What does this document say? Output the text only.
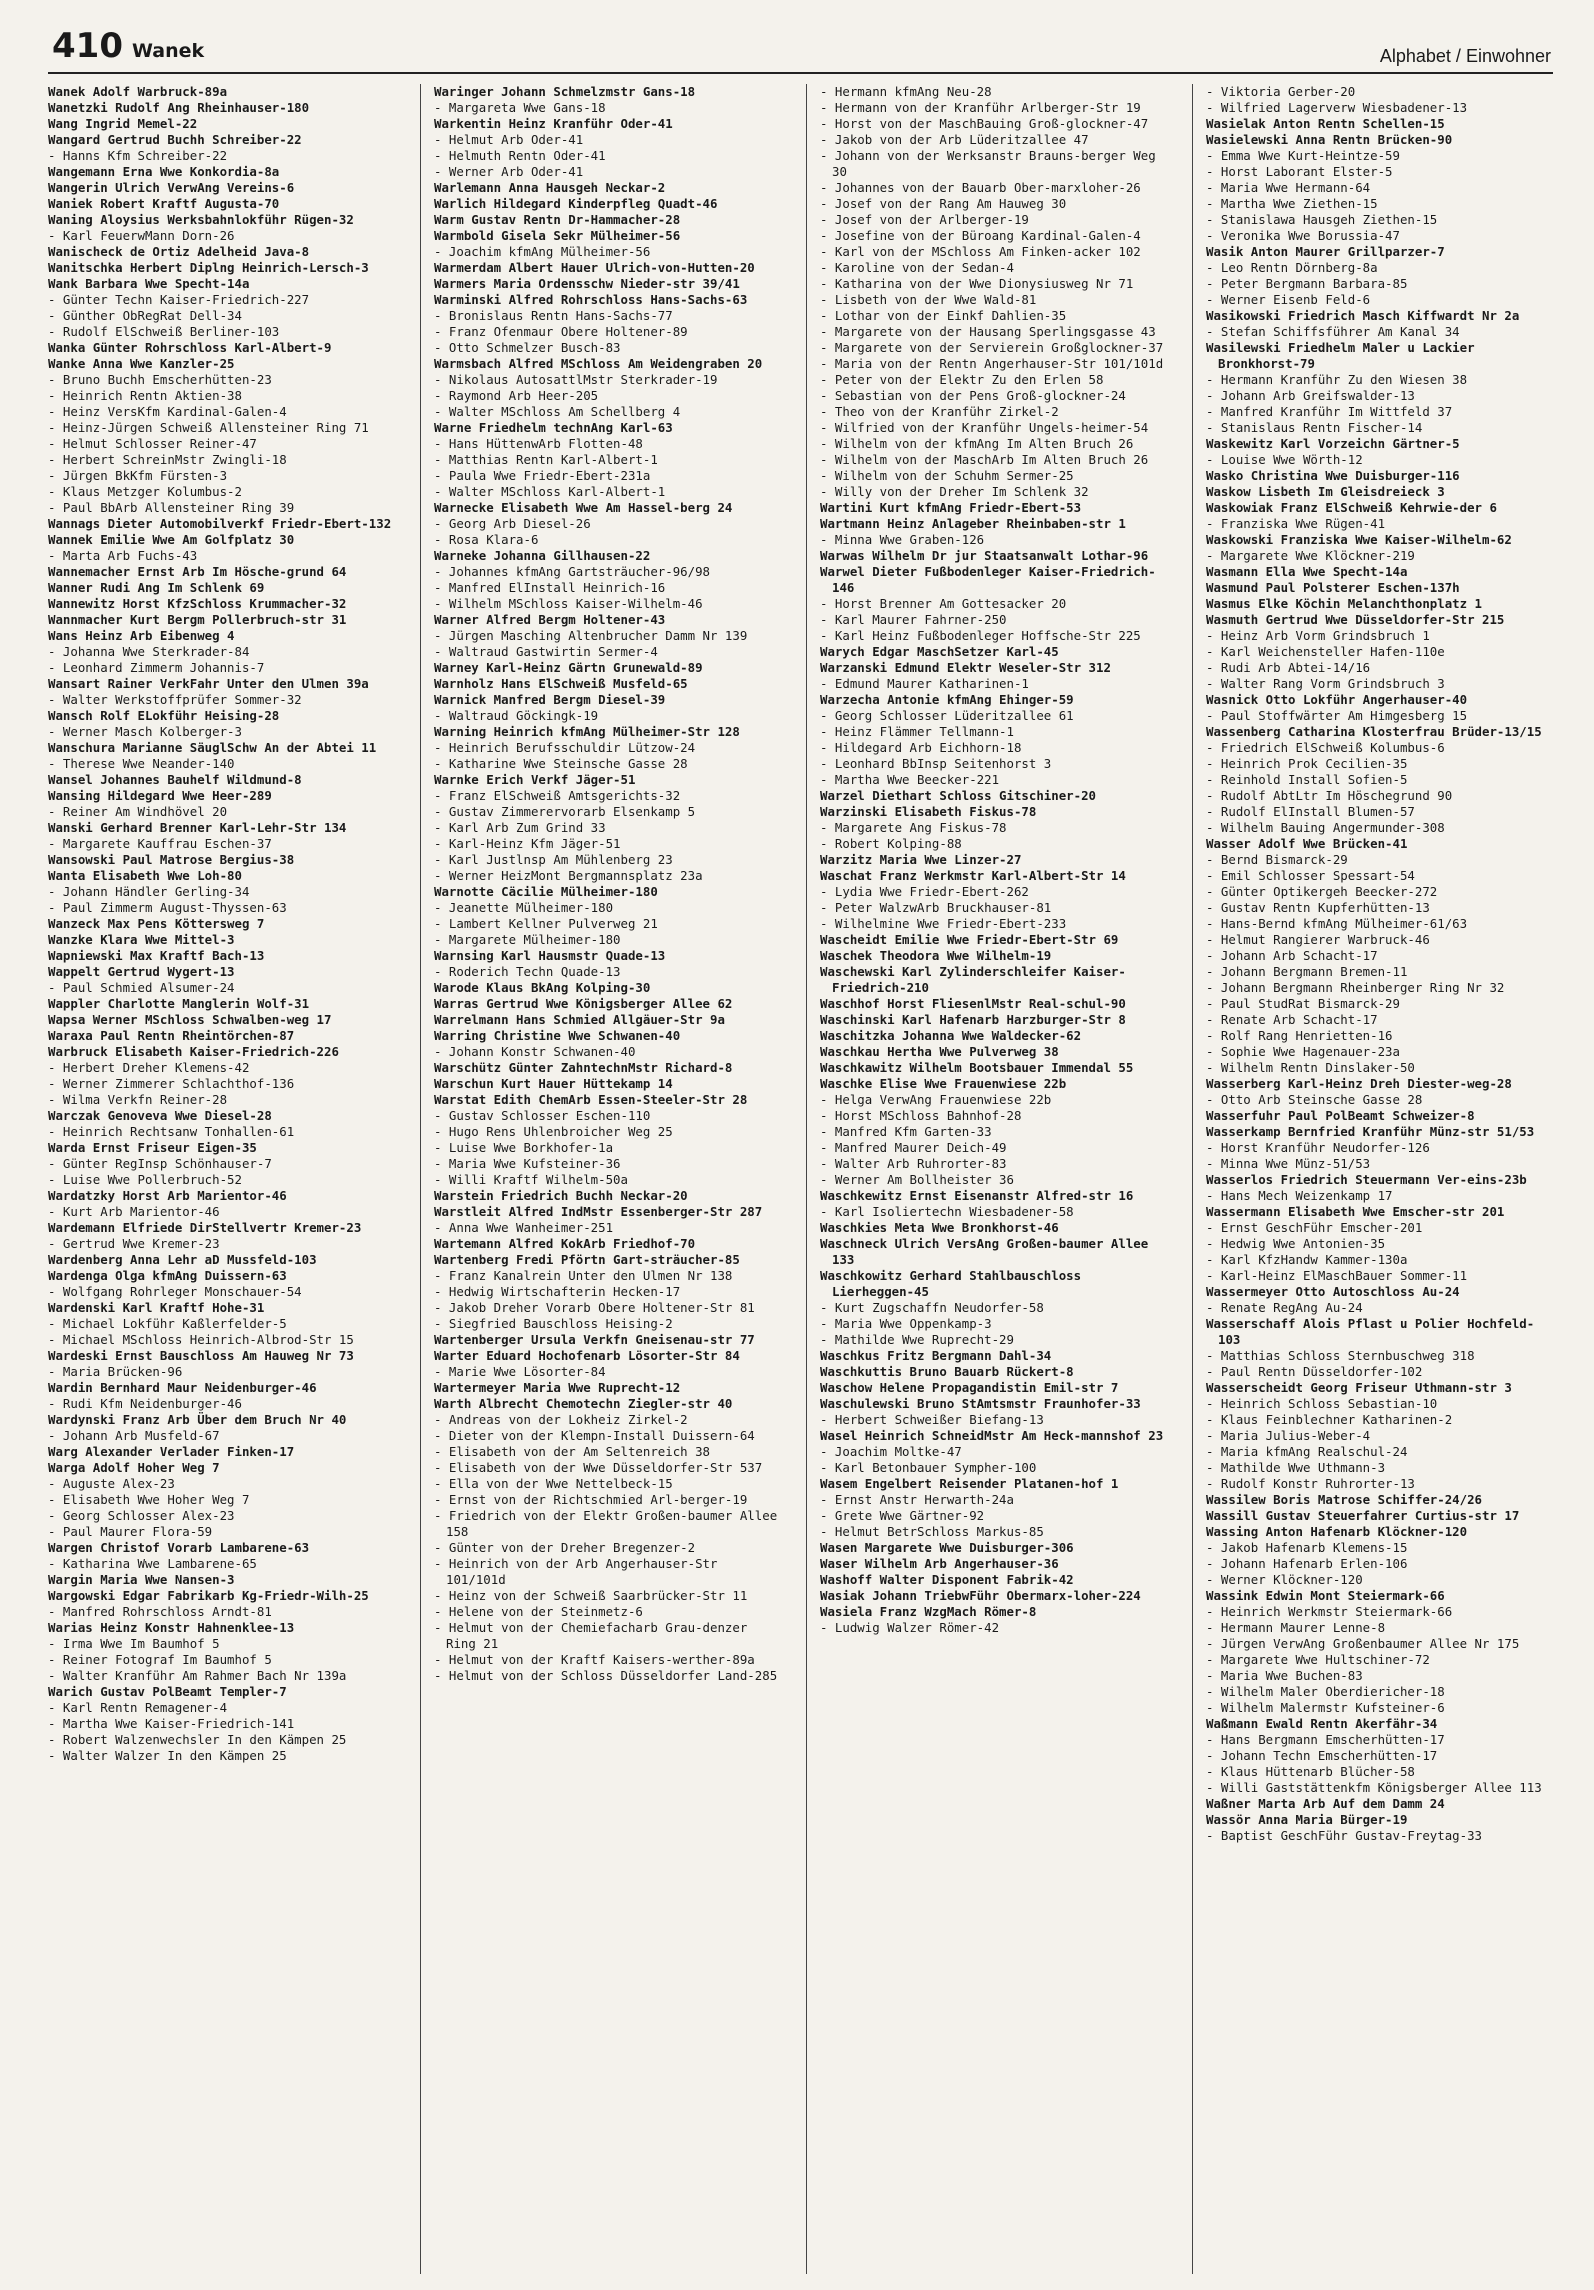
410 Wanek	Alphabet / Einwohner
Wanek Adolf Warbruck-89a
Wanetzki Rudolf Ang Rheinhauser-180
Wang Ingrid Memel-22
Wangard Gertrud Buchh Schreiber-22
- Hanns Kfm Schreiber-22
Wangemann Erna Wwe Konkordia-8a
Wangerin Ulrich VerwAng Vereins-6
Waniek Robert Kraftf Augusta-70
Waning Aloysius Werksbahnlokführ Rügen-32
- Karl FeuerwMann Dorn-26
Wanischeck de Ortiz Adelheid Java-8
Wanitschka Herbert Diplng Heinrich-Lersch-3
Wank Barbara Wwe Specht-14a
- Günter Techn Kaiser-Friedrich-227
- Günther ObRegRat Dell-34
- Rudolf ElSchweiß Berliner-103
Wanka Günter Rohrschloss Karl-Albert-9
Wanke Anna Wwe Kanzler-25
- Bruno Buchh Emscherhütten-23
- Heinrich Rentn Aktien-38
- Heinz VersKfm Kardinal-Galen-4
- Heinz-Jürgen Schweiß Allensteiner Ring 71
- Helmut Schlosser Reiner-47
- Herbert SchreinMstr Zwingli-18
- Jürgen BkKfm Fürsten-3
- Klaus Metzger Kolumbus-2
- Paul BbArb Allensteiner Ring 39
Wannags Dieter Automobilverkf Friedr-Ebert-132
Wannek Emilie Wwe Am Golfplatz 30
- Marta Arb Fuchs-43
Wannemacher Ernst Arb Im Hösche-grund 64
Wanner Rudi Ang Im Schlenk 69
Wannewitz Horst KfzSchloss Krummacher-32
Wannmacher Kurt Bergm Pollerbruch-str 31
Wans Heinz Arb Eibenweg 4
- Johanna Wwe Sterkrader-84
- Leonhard Zimmerm Johannis-7
Wansart Rainer VerkFahr Unter den Ulmen 39a
- Walter Werkstoffprüfer Sommer-32
Wansch Rolf ELokführ Heising-28
- Werner Masch Kolberger-3
Wanschura Marianne SäuglSchw An der Abtei 11
- Therese Wwe Neander-140
Wansel Johannes Bauhelf Wildmund-8
Wansing Hildegard Wwe Heer-289
- Reiner Am Windhövel 20
Wanski Gerhard Brenner Karl-Lehr-Str 134
- Margarete Kauffrau Eschen-37
Wansowski Paul Matrose Bergius-38
Wanta Elisabeth Wwe Loh-80
- Johann Händler Gerling-34
- Paul Zimmerm August-Thyssen-63
Wanzeck Max Pens Köttersweg 7
Wanzke Klara Wwe Mittel-3
Wapniewski Max Kraftf Bach-13
Wappelt Gertrud Wygert-13
- Paul Schmied Alsumer-24
Wappler Charlotte Manglerin Wolf-31
Wapsa Werner MSchloss Schwalben-weg 17
Waraxa Paul Rentn Rheintörchen-87
Warbruck Elisabeth Kaiser-Friedrich-226
- Herbert Dreher Klemens-42
- Werner Zimmerer Schlachthof-136
- Wilma Verkfn Reiner-28
Warczak Genoveva Wwe Diesel-28
- Heinrich Rechtsanw Tonhallen-61
Warda Ernst Friseur Eigen-35
- Günter RegInsp Schönhauser-7
- Luise Wwe Pollerbruch-52
Wardatzky Horst Arb Marientor-46
- Kurt Arb Marientor-46
Wardemann Elfriede DirStellvertr Kremer-23
- Gertrud Wwe Kremer-23
Wardenberg Anna Lehr aD Mussfeld-103
Wardenga Olga kfmAng Duissern-63
- Wolfgang Rohrleger Monschauer-54
Wardenski Karl Kraftf Hohe-31
- Michael Lokführ Kaßlerfelder-5
- Michael MSchloss Heinrich-Albrod-Str 15
Wardeski Ernst Bauschloss Am Hauweg Nr 73
- Maria Brücken-96
Wardin Bernhard Maur Neidenburger-46
- Rudi Kfm Neidenburger-46
Wardynski Franz Arb Über dem Bruch Nr 40
- Johann Arb Musfeld-67
Warg Alexander Verlader Finken-17
Warga Adolf Hoher Weg 7
- Auguste Alex-23
- Elisabeth Wwe Hoher Weg 7
- Georg Schlosser Alex-23
- Paul Maurer Flora-59
Wargen Christof Vorarb Lambarene-63
- Katharina Wwe Lambarene-65
Wargin Maria Wwe Nansen-3
Wargowski Edgar Fabrikarb Kg-Friedr-Wilh-25
- Manfred Rohrschloss Arndt-81
Warias Heinz Konstr Hahnenklee-13
- Irma Wwe Im Baumhof 5
- Reiner Fotograf Im Baumhof 5
- Walter Kranführ Am Rahmer Bach Nr 139a
Warich Gustav PolBeamt Templer-7
- Karl Rentn Remagener-4
- Martha Wwe Kaiser-Friedrich-141
- Robert Walzenwechsler In den Kämpen 25
- Walter Walzer In den Kämpen 25
Waringer Johann Schmelzmstr Gans-18
- Margareta Wwe Gans-18
Warkentin Heinz Kranführ Oder-41
- Helmut Arb Oder-41
- Helmuth Rentn Oder-41
- Werner Arb Oder-41
Warlemann Anna Hausgeh Neckar-2
Warlich Hildegard Kinderpfleg Quadt-46
Warm Gustav Rentn Dr-Hammacher-28
Warmbold Gisela Sekr Mülheimer-56
- Joachim kfmAng Mülheimer-56
Warmerdam Albert Hauer Ulrich-von-Hutten-20
Warmers Maria Ordensschw Nieder-str 39/41
Warminski Alfred Rohrschloss Hans-Sachs-63
- Bronislaus Rentn Hans-Sachs-77
- Franz Ofenmaur Obere Holtener-89
- Otto Schmelzer Busch-83
Warmsbach Alfred MSchloss Am Weidengraben 20
- Nikolaus AutosattlMstr Sterkrader-19
- Raymond Arb Heer-205
- Walter MSchloss Am Schellberg 4
Warne Friedhelm technAng Karl-63
- Hans HüttenwArb Flotten-48
- Matthias Rentn Karl-Albert-1
- Paula Wwe Friedr-Ebert-231a
- Walter MSchloss Karl-Albert-1
Warnecke Elisabeth Wwe Am Hassel-berg 24
- Georg Arb Diesel-26
- Rosa Klara-6
Warneke Johanna Gillhausen-22
- Johannes kfmAng Gartsträucher-96/98
- Manfred ElInstall Heinrich-16
- Wilhelm MSchloss Kaiser-Wilhelm-46
Warner Alfred Bergm Holtener-43
- Jürgen Masching Altenbrucher Damm Nr 139
- Waltraud Gastwirtin Sermer-4
Warney Karl-Heinz Gärtn Grunewald-89
Warnholz Hans ElSchweiß Musfeld-65
Warnick Manfred Bergm Diesel-39
- Waltraud Göckingk-19
Warning Heinrich kfmAng Mülheimer-Str 128
- Heinrich Berufsschuldir Lützow-24
- Katharine Wwe Steinsche Gasse 28
Warnke Erich Verkf Jäger-51
- Franz ElSchweiß Amtsgerichts-32
- Gustav Zimmerervorarb Elsenkamp 5
- Karl Arb Zum Grind 33
- Karl-Heinz Kfm Jäger-51
- Karl Justlnsp Am Mühlenberg 23
- Werner HeizMont Bergmannsplatz 23a
Warnotte Cäcilie Mülheimer-180
- Jeanette Mülheimer-180
- Lambert Kellner Pulverweg 21
- Margarete Mülheimer-180
Warnsing Karl Hausmstr Quade-13
- Roderich Techn Quade-13
Warode Klaus BkAng Kolping-30
Warras Gertrud Wwe Königsberger Allee 62
Warrelmann Hans Schmied Allgäuer-Str 9a
Warring Christine Wwe Schwanen-40
- Johann Konstr Schwanen-40
Warschütz Günter ZahntechnMstr Richard-8
Warschun Kurt Hauer Hüttekamp 14
Warstat Edith ChemArb Essen-Steeler-Str 28
- Gustav Schlosser Eschen-110
- Hugo Rens Uhlenbroicher Weg 25
- Luise Wwe Borkhofer-1a
- Maria Wwe Kufsteiner-36
- Willi Kraftf Wilhelm-50a
Warstein Friedrich Buchh Neckar-20
Warstleit Alfred IndMstr Essenberger-Str 287
- Anna Wwe Wanheimer-251
Wartemann Alfred KokArb Friedhof-70
Wartenberg Fredi Pförtn Gart-sträucher-85
- Franz Kanalrein Unter den Ulmen Nr 138
- Hedwig Wirtschafterin Hecken-17
- Jakob Dreher Vorarb Obere Holtener-Str 81
- Siegfried Bauschloss Heising-2
Wartenberger Ursula Verkfn Gneisenau-str 77
Warter Eduard Hochofenarb Lösorter-Str 84
- Marie Wwe Lösorter-84
Wartermeyer Maria Wwe Ruprecht-12
Warth Albrecht Chemotechn Ziegler-str 40
- Andreas von der Lokheiz Zirkel-2
- Dieter von der Klempn-Install Duissern-64
- Elisabeth von der Am Seltenreich 38
- Elisabeth von der Wwe Düsseldorfer-Str 537
- Ella von der Wwe Nettelbeck-15
- Ernst von der Richtschmied Arl-berger-19
- Friedrich von der Elektr Großen-baumer Allee 158
- Günter von der Dreher Bregenzer-2
- Heinrich von der Arb Angerhauser-Str 101/101d
- Heinz von der Schweiß Saarbrücker-Str 11
- Helene von der Steinmetz-6
- Helmut von der Chemiefacharb Grau-denzer Ring 21
- Helmut von der Kraftf Kaisers-werther-89a
- Helmut von der Schloss Düsseldorfer Land-285
- Hermann kfmAng Neu-28
- Hermann von der Kranführ Arlberger-Str 19
- Horst von der MaschBauing Groß-glockner-47
- Jakob von der Arb Lüderitzallee 47
- Johann von der Werksanstr Brauns-berger Weg 30
- Johannes von der Bauarb Ober-marxloher-26
- Josef von der Rang Am Hauweg 30
- Josef von der Arlberger-19
- Josefine von der Büroang Kardinal-Galen-4
- Karl von der MSchloss Am Finken-acker 102
- Karoline von der Sedan-4
- Katharina von der Wwe Dionysiusweg Nr 71
- Lisbeth von der Wwe Wald-81
- Lothar von der Einkf Dahlien-35
- Margarete von der Hausang Sperlingsgasse 43
- Margarete von der Servierein Großglockner-37
- Maria von der Rentn Angerhauser-Str 101/101d
- Peter von der Elektr Zu den Erlen 58
- Sebastian von der Pens Groß-glockner-24
- Theo von der Kranführ Zirkel-2
- Wilfried von der Kranführ Ungels-heimer-54
- Wilhelm von der kfmAng Im Alten Bruch 26
- Wilhelm von der MaschArb Im Alten Bruch 26
- Wilhelm von der Schuhm Sermer-25
- Willy von der Dreher Im Schlenk 32
Wartini Kurt kfmAng Friedr-Ebert-53
Wartmann Heinz Anlageber Rheinbaben-str 1
- Minna Wwe Graben-126
Warwas Wilhelm Dr jur Staatsanwalt Lothar-96
Warwel Dieter Fußbodenleger Kaiser-Friedrich-146
- Horst Brenner Am Gottesacker 20
- Karl Maurer Fahrner-250
- Karl Heinz Fußbodenleger Hoffsche-Str 225
Warych Edgar MaschSetzer Karl-45
Warzanski Edmund Elektr Weseler-Str 312
- Edmund Maurer Katharinen-1
Warzecha Antonie kfmAng Ehinger-59
- Georg Schlosser Lüderitzallee 61
- Heinz Flämmer Tellmann-1
- Hildegard Arb Eichhorn-18
- Leonhard BbInsp Seitenhorst 3
- Martha Wwe Beecker-221
Warzel Diethart Schloss Gitschiner-20
Warzinski Elisabeth Fiskus-78
- Margarete Ang Fiskus-78
- Robert Kolping-88
Warzitz Maria Wwe Linzer-27
Waschat Franz Werkmstr Karl-Albert-Str 14
- Lydia Wwe Friedr-Ebert-262
- Peter WalzwArb Bruckhauser-81
- Wilhelmine Wwe Friedr-Ebert-233
Wascheidt Emilie Wwe Friedr-Ebert-Str 69
Waschek Theodora Wwe Wilhelm-19
Waschewski Karl Zylinderschleifer Kaiser-Friedrich-210
Waschhof Horst FliesenlMstr Real-schul-90
Waschinski Karl Hafenarb Harzburger-Str 8
Waschitzka Johanna Wwe Waldecker-62
Waschkau Hertha Wwe Pulverweg 38
Waschkawitz Wilhelm Bootsbauer Immendal 55
Waschke Elise Wwe Frauenwiese 22b
- Helga VerwAng Frauenwiese 22b
- Horst MSchloss Bahnhof-28
- Manfred Kfm Garten-33
- Manfred Maurer Deich-49
- Walter Arb Ruhrorter-83
- Werner Am Bollheister 36
Waschkewitz Ernst Eisenanstr Alfred-str 16
- Karl Isoliertechn Wiesbadener-58
Waschkies Meta Wwe Bronkhorst-46
Waschneck Ulrich VersAng Großen-baumer Allee 133
Waschkowitz Gerhard Stahlbauschloss Lierheggen-45
- Kurt Zugschaffn Neudorfer-58
- Maria Wwe Oppenkamp-3
- Mathilde Wwe Ruprecht-29
Waschkus Fritz Bergmann Dahl-34
Waschkuttis Bruno Bauarb Rückert-8
Waschow Helene Propagandistin Emil-str 7
Waschulewski Bruno StAmtsmstr Fraunhofer-33
- Herbert Schweißer Biefang-13
Wasel Heinrich SchneidMstr Am Heck-mannshof 23
- Joachim Moltke-47
- Karl Betonbauer Sympher-100
Wasem Engelbert Reisender Platanen-hof 1
- Ernst Anstr Herwarth-24a
- Grete Wwe Gärtner-92
- Helmut BetrSchloss Markus-85
Wasen Margarete Wwe Duisburger-306
Waser Wilhelm Arb Angerhauser-36
Washoff Walter Disponent Fabrik-42
Wasiak Johann TriebwFühr Obermarx-loher-224
Wasiela Franz WzgMach Römer-8
- Ludwig Walzer Römer-42
- Viktoria Gerber-20
- Wilfried Lagerverw Wiesbadener-13
Wasielak Anton Rentn Schellen-15
Wasielewski Anna Rentn Brücken-90
- Emma Wwe Kurt-Heintze-59
- Horst Laborant Elster-5
- Maria Wwe Hermann-64
- Martha Wwe Ziethen-15
- Stanislawa Hausgeh Ziethen-15
- Veronika Wwe Borussia-47
Wasik Anton Maurer Grillparzer-7
- Leo Rentn Dörnberg-8a
- Peter Bergmann Barbara-85
- Werner Eisenb Feld-6
Wasikowski Friedrich Masch Kiffwardt Nr 2a
- Stefan Schiffsführer Am Kanal 34
Wasilewski Friedhelm Maler u Lackier Bronkhorst-79
- Hermann Kranführ Zu den Wiesen 38
- Johann Arb Greifswalder-13
- Manfred Kranführ Im Wittfeld 37
- Stanislaus Rentn Fischer-14
Waskewitz Karl Vorzeichn Gärtner-5
- Louise Wwe Wörth-12
Wasko Christina Wwe Duisburger-116
Waskow Lisbeth Im Gleisdreieck 3
Waskowiak Franz ElSchweiß Kehrwie-der 6
- Franziska Wwe Rügen-41
Waskowski Franziska Wwe Kaiser-Wilhelm-62
- Margarete Wwe Klöckner-219
Wasmann Ella Wwe Specht-14a
Wasmund Paul Polsterer Eschen-137h
Wasmus Elke Köchin Melanchthonplatz 1
Wasmuth Gertrud Wwe Düsseldorfer-Str 215
- Heinz Arb Vorm Grindsbruch 1
- Karl Weichensteller Hafen-110e
- Rudi Arb Abtei-14/16
- Walter Rang Vorm Grindsbruch 3
Wasnick Otto Lokführ Angerhauser-40
- Paul Stoffwärter Am Himgesberg 15
Wassenberg Catharina Klosterfrau Brüder-13/15
- Friedrich ElSchweiß Kolumbus-6
- Heinrich Prok Cecilien-35
- Reinhold Install Sofien-5
- Rudolf AbtLtr Im Höschegrund 90
- Rudolf ElInstall Blumen-57
- Wilhelm Bauing Angermunder-308
Wasser Adolf Wwe Brücken-41
- Bernd Bismarck-29
- Emil Schlosser Spessart-54
- Günter Optikergeh Beecker-272
- Gustav Rentn Kupferhütten-13
- Hans-Bernd kfmAng Mülheimer-61/63
- Helmut Rangierer Warbruck-46
- Johann Arb Schacht-17
- Johann Bergmann Bremen-11
- Johann Bergmann Rheinberger Ring Nr 32
- Paul StudRat Bismarck-29
- Renate Arb Schacht-17
- Rolf Rang Henrietten-16
- Sophie Wwe Hagenauer-23a
- Wilhelm Rentn Dinslaker-50
Wasserberg Karl-Heinz Dreh Diester-weg-28
- Otto Arb Steinsche Gasse 28
Wasserfuhr Paul PolBeamt Schweizer-8
Wasserkamp Bernfried Kranführ Münz-str 51/53
- Horst Kranführ Neudorfer-126
- Minna Wwe Münz-51/53
Wasserlos Friedrich Steuermann Ver-eins-23b
- Hans Mech Weizenkamp 17
Wassermann Elisabeth Wwe Emscher-str 201
- Ernst GeschFühr Emscher-201
- Hedwig Wwe Antonien-35
- Karl KfzHandw Kammer-130a
- Karl-Heinz ElMaschBauer Sommer-11
Wassermeyer Otto Autoschloss Au-24
- Renate RegAng Au-24
Wasserschaff Alois Pflast u Polier Hochfeld-103
- Matthias Schloss Sternbuschweg 318
- Paul Rentn Düsseldorfer-102
Wasserscheidt Georg Friseur Uthmann-str 3
- Heinrich Schloss Sebastian-10
- Klaus Feinblechner Katharinen-2
- Maria Julius-Weber-4
- Maria kfmAng Realschul-24
- Mathilde Wwe Uthmann-3
- Rudolf Konstr Ruhrorter-13
Wassilew Boris Matrose Schiffer-24/26
Wassill Gustav Steuerfahrer Curtius-str 17
Wassing Anton Hafenarb Klöckner-120
- Jakob Hafenarb Klemens-15
- Johann Hafenarb Erlen-106
- Werner Klöckner-120
Wassink Edwin Mont Steiermark-66
- Heinrich Werkmstr Steiermark-66
- Hermann Maurer Lenne-8
- Jürgen VerwAng Großenbaumer Allee Nr 175
- Margarete Wwe Hultschiner-72
- Maria Wwe Buchen-83
- Wilhelm Maler Oberdiericher-18
- Wilhelm Malermstr Kufsteiner-6
Waßmann Ewald Rentn Akerfähr-34
- Hans Bergmann Emscherhütten-17
- Johann Techn Emscherhütten-17
- Klaus Hüttenarb Blücher-58
- Willi Gaststättenkfm Königsberger Allee 113
Waßner Marta Arb Auf dem Damm 24
Wassör Anna Maria Bürger-19
- Baptist GeschFühr Gustav-Freytag-33
